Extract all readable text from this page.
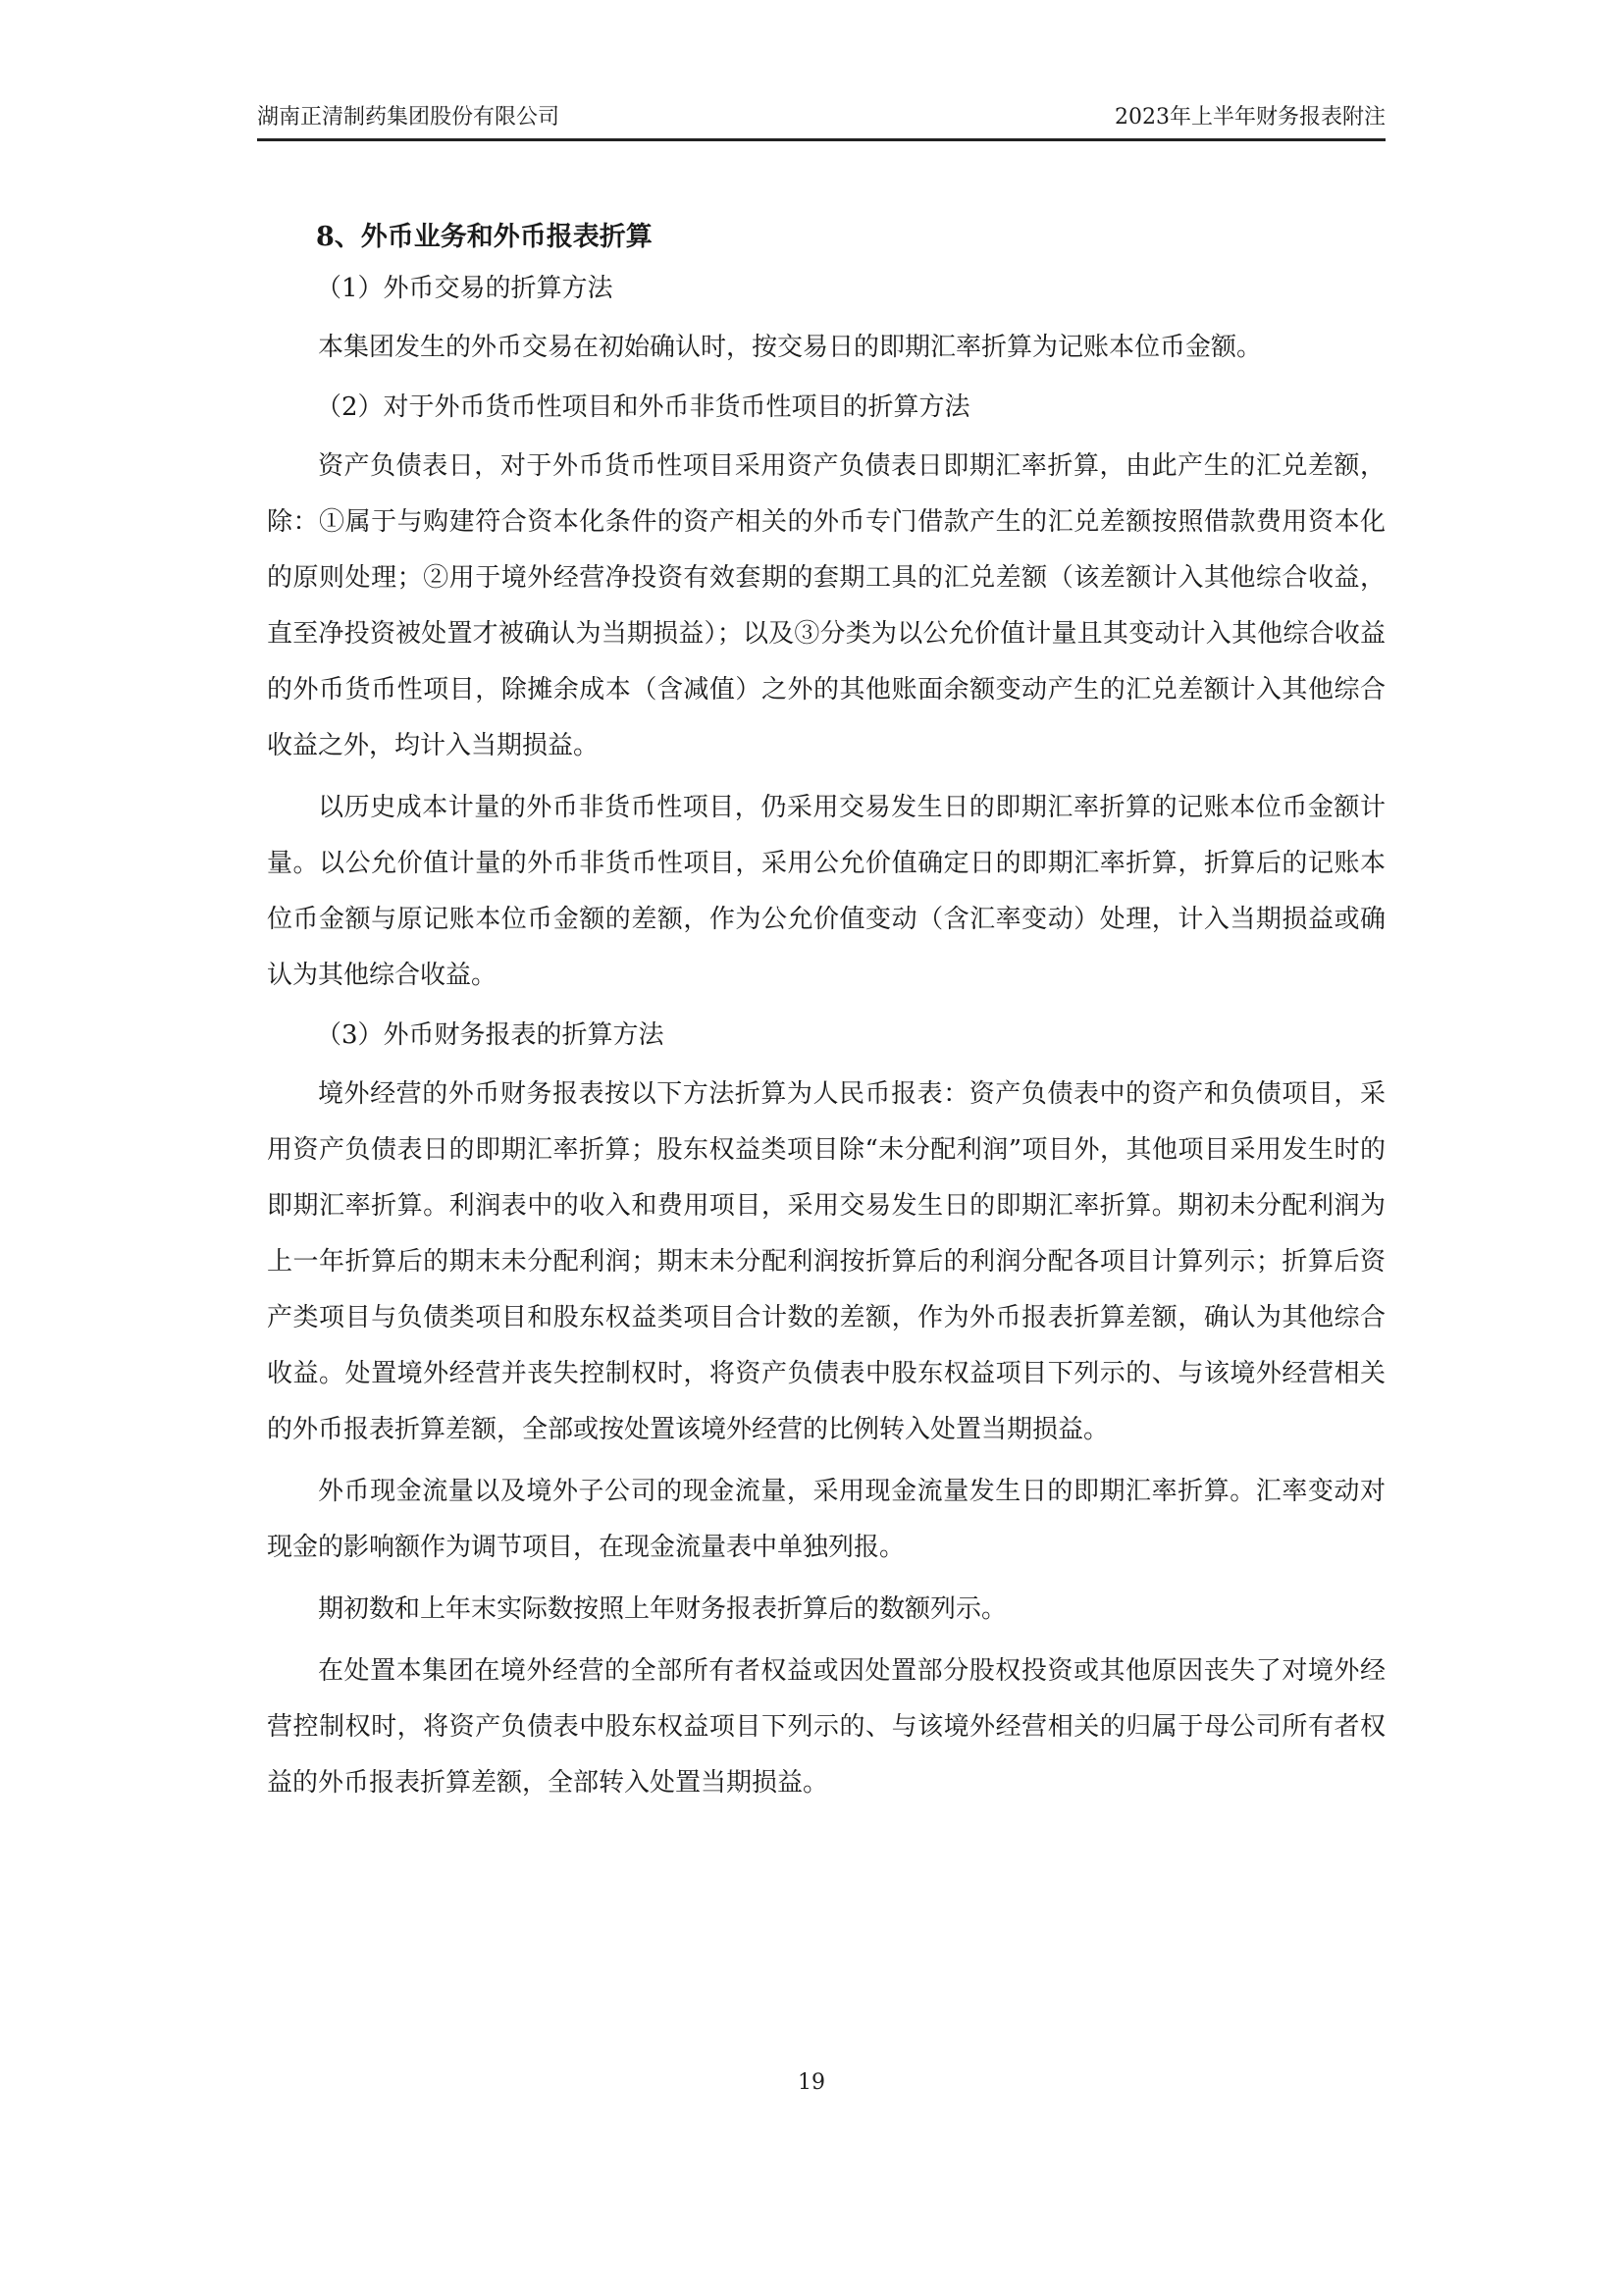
湖南正清制药集团股份有限公司	2023年上半年财务报表附注
8、外币业务和外币报表折算
（1）外币交易的折算方法

本集团发生的外币交易在初始确认时，按交易日的即期汇率折算为记账本位币金额。

（2）对于外币货币性项目和外币非货币性项目的折算方法

资产负债表日，对于外币货币性项目采用资产负债表日即期汇率折算，由此产生的汇兑差额，除：①属于与购建符合资本化条件的资产相关的外币专门借款产生的汇兑差额按照借款费用资本化的原则处理；②用于境外经营净投资有效套期的套期工具的汇兑差额（该差额计入其他综合收益，直至净投资被处置才被确认为当期损益）；以及③分类为以公允价值计量且其变动计入其他综合收益的外币货币性项目，除摊余成本（含减值）之外的其他账面余额变动产生的汇兑差额计入其他综合收益之外，均计入当期损益。

以历史成本计量的外币非货币性项目，仍采用交易发生日的即期汇率折算的记账本位币金额计量。以公允价值计量的外币非货币性项目，采用公允价值确定日的即期汇率折算，折算后的记账本位币金额与原记账本位币金额的差额，作为公允价值变动（含汇率变动）处理，计入当期损益或确认为其他综合收益。

（3）外币财务报表的折算方法

境外经营的外币财务报表按以下方法折算为人民币报表：资产负债表中的资产和负债项目，采用资产负债表日的即期汇率折算；股东权益类项目除“未分配利润”项目外，其他项目采用发生时的即期汇率折算。利润表中的收入和费用项目，采用交易发生日的即期汇率折算。期初未分配利润为上一年折算后的期末未分配利润；期末未分配利润按折算后的利润分配各项目计算列示；折算后资产类项目与负债类项目和股东权益类项目合计数的差额，作为外币报表折算差额，确认为其他综合收益。处置境外经营并丧失控制权时，将资产负债表中股东权益项目下列示的、与该境外经营相关的外币报表折算差额，全部或按处置该境外经营的比例转入处置当期损益。

外币现金流量以及境外子公司的现金流量，采用现金流量发生日的即期汇率折算。汇率变动对现金的影响额作为调节项目，在现金流量表中单独列报。

期初数和上年末实际数按照上年财务报表折算后的数额列示。

在处置本集团在境外经营的全部所有者权益或因处置部分股权投资或其他原因丧失了对境外经营控制权时，将资产负债表中股东权益项目下列示的、与该境外经营相关的归属于母公司所有者权益的外币报表折算差额，全部转入处置当期损益。

19
